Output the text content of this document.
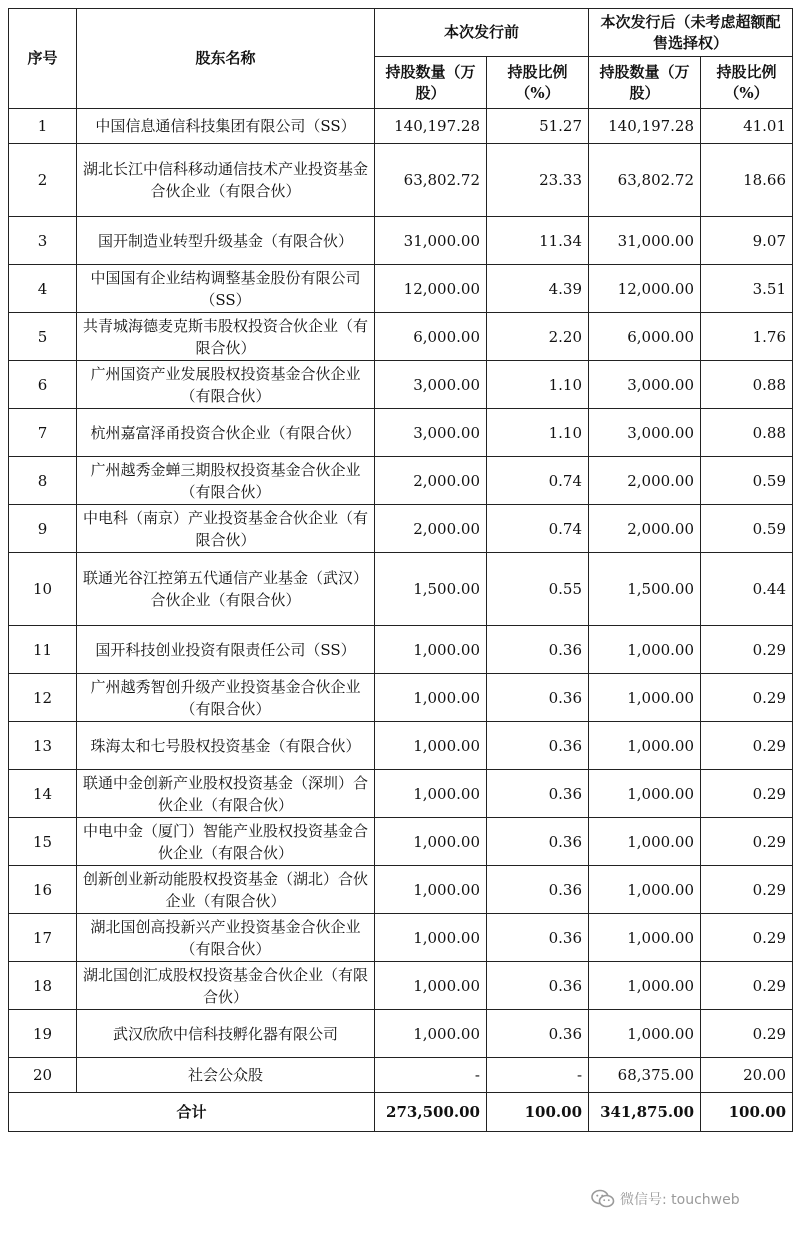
序号	股东名称	本次发行前		本次发行后（未考虑超额配售选择权）	
		持股数量（万股）	持股比例（%）	持股数量（万股）	持股比例（%）
1	中国信息通信科技集团有限公司（SS）	140,197.28	51.27	140,197.28	41.01
2	湖北长江中信科移动通信技术产业投资基金合伙企业（有限合伙）	63,802.72	23.33	63,802.72	18.66
3	国开制造业转型升级基金（有限合伙）	31,000.00	11.34	31,000.00	9.07
4	中国国有企业结构调整基金股份有限公司（SS）	12,000.00	4.39	12,000.00	3.51
5	共青城海德麦克斯韦股权投资合伙企业（有限合伙）	6,000.00	2.20	6,000.00	1.76
6	广州国资产业发展股权投资基金合伙企业（有限合伙）	3,000.00	1.10	3,000.00	0.88
7	杭州嘉富泽甬投资合伙企业（有限合伙）	3,000.00	1.10	3,000.00	0.88
8	广州越秀金蝉三期股权投资基金合伙企业（有限合伙）	2,000.00	0.74	2,000.00	0.59
9	中电科（南京）产业投资基金合伙企业（有限合伙）	2,000.00	0.74	2,000.00	0.59
10	联通光谷江控第五代通信产业基金（武汉）合伙企业（有限合伙）	1,500.00	0.55	1,500.00	0.44
11	国开科技创业投资有限责任公司（SS）	1,000.00	0.36	1,000.00	0.29
12	广州越秀智创升级产业投资基金合伙企业（有限合伙）	1,000.00	0.36	1,000.00	0.29
13	珠海太和七号股权投资基金（有限合伙）	1,000.00	0.36	1,000.00	0.29
14	联通中金创新产业股权投资基金（深圳）合伙企业（有限合伙）	1,000.00	0.36	1,000.00	0.29
15	中电中金（厦门）智能产业股权投资基金合伙企业（有限合伙）	1,000.00	0.36	1,000.00	0.29
16	创新创业新动能股权投资基金（湖北）合伙企业（有限合伙）	1,000.00	0.36	1,000.00	0.29
17	湖北国创高投新兴产业投资基金合伙企业（有限合伙）	1,000.00	0.36	1,000.00	0.29
18	湖北国创汇成股权投资基金合伙企业（有限合伙）	1,000.00	0.36	1,000.00	0.29
19	武汉欣欣中信科技孵化器有限公司	1,000.00	0.36	1,000.00	0.29
20	社会公众股	-	-	68,375.00	20.00
合计		273,500.00	100.00	341,875.00	100.00
微信号: touchweb
